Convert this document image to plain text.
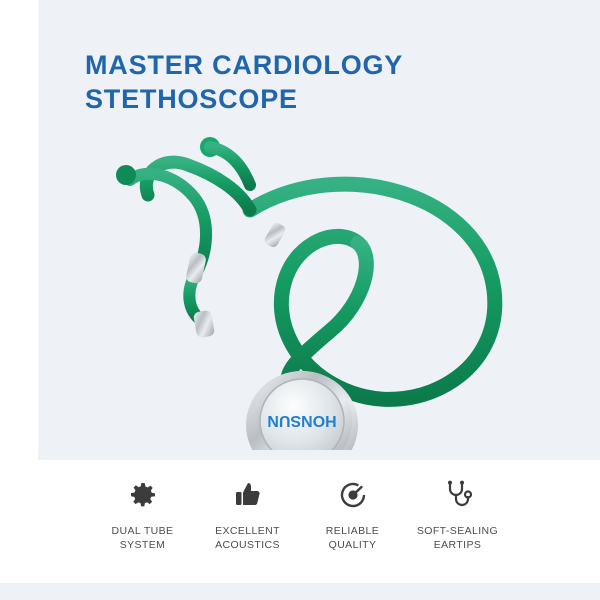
MASTER CARDIOLOGY
STETHOSCOPE
HONSUN
DUAL TUBE
SYSTEM
EXCELLENT
ACOUSTICS
RELIABLE
QUALITY
SOFT-SEALING
EARTIPS
